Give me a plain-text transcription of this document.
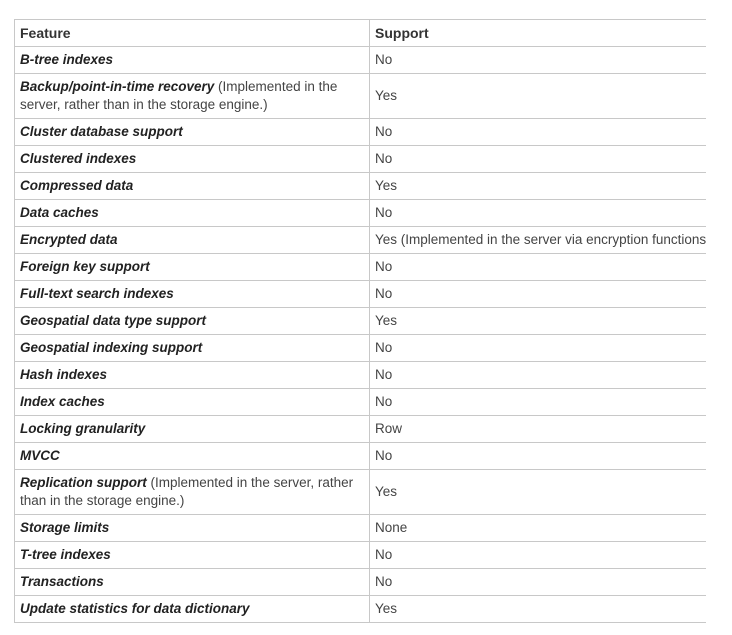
Feature	Support
B-tree indexes	No
Backup/point-in-time recovery (Implemented in the server, rather than in the storage engine.)	Yes
Cluster database support	No
Clustered indexes	No
Compressed data	Yes
Data caches	No
Encrypted data	Yes (Implemented in the server via encryption functions
Foreign key support	No
Full-text search indexes	No
Geospatial data type support	Yes
Geospatial indexing support	No
Hash indexes	No
Index caches	No
Locking granularity	Row
MVCC	No
Replication support (Implemented in the server, rather than in the storage engine.)	Yes
Storage limits	None
T-tree indexes	No
Transactions	No
Update statistics for data dictionary	Yes
